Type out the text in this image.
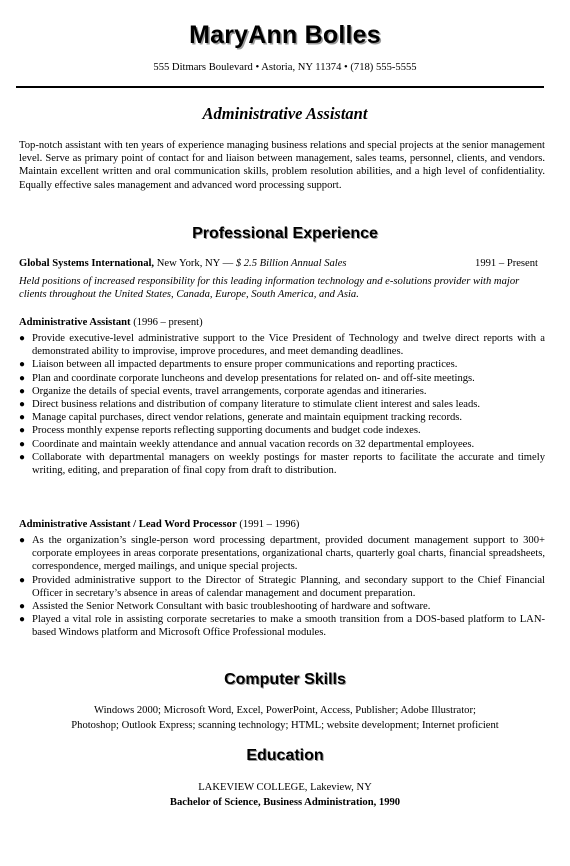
MaryAnn Bolles
555 Ditmars Boulevard • Astoria, NY 11374 • (718) 555-5555
Administrative Assistant
Top-notch assistant with ten years of experience managing business relations and special projects at the senior management level. Serve as primary point of contact for and liaison between management, sales teams, personnel, clients, and vendors. Maintain excellent written and oral communication skills, problem resolution abilities, and a high level of confidentiality. Equally effective sales management and advanced word processing support.
Professional Experience
Global Systems International, New York, NY — $ 2.5 Billion Annual Sales	1991 – Present
Held positions of increased responsibility for this leading information technology and e-solutions provider with major clients throughout the United States, Canada, Europe, South America, and Asia.
Administrative Assistant (1996 – present)
● Provide executive-level administrative support to the Vice President of Technology and twelve direct reports with a demonstrated ability to improvise, improve procedures, and meet demanding deadlines.
● Liaison between all impacted departments to ensure proper communications and reporting practices.
● Plan and coordinate corporate luncheons and develop presentations for related on- and off-site meetings.
● Organize the details of special events, travel arrangements, corporate agendas and itineraries.
● Direct business relations and distribution of company literature to stimulate client interest and sales leads.
● Manage capital purchases, direct vendor relations, generate and maintain equipment tracking records.
● Process monthly expense reports reflecting supporting documents and budget code indexes.
● Coordinate and maintain weekly attendance and annual vacation records on 32 departmental employees.
● Collaborate with departmental managers on weekly postings for master reports to facilitate the accurate and timely writing, editing, and preparation of final copy from draft to distribution.
Administrative Assistant / Lead Word Processor (1991 – 1996)
● As the organization’s single-person word processing department, provided document management support to 300+ corporate employees in areas corporate presentations, organizational charts, quarterly goal charts, financial spreadsheets, correspondence, merged mailings, and unique special projects.
● Provided administrative support to the Director of Strategic Planning, and secondary support to the Chief Financial Officer in secretary’s absence in areas of calendar management and document preparation.
● Assisted the Senior Network Consultant with basic troubleshooting of hardware and software.
● Played a vital role in assisting corporate secretaries to make a smooth transition from a DOS-based platform to LAN-based Windows platform and Microsoft Office Professional modules.
Computer Skills
Windows 2000; Microsoft Word, Excel, PowerPoint, Access, Publisher; Adobe Illustrator;
Photoshop; Outlook Express; scanning technology; HTML; website development; Internet proficient
Education
LAKEVIEW COLLEGE, Lakeview, NY
Bachelor of Science, Business Administration, 1990
